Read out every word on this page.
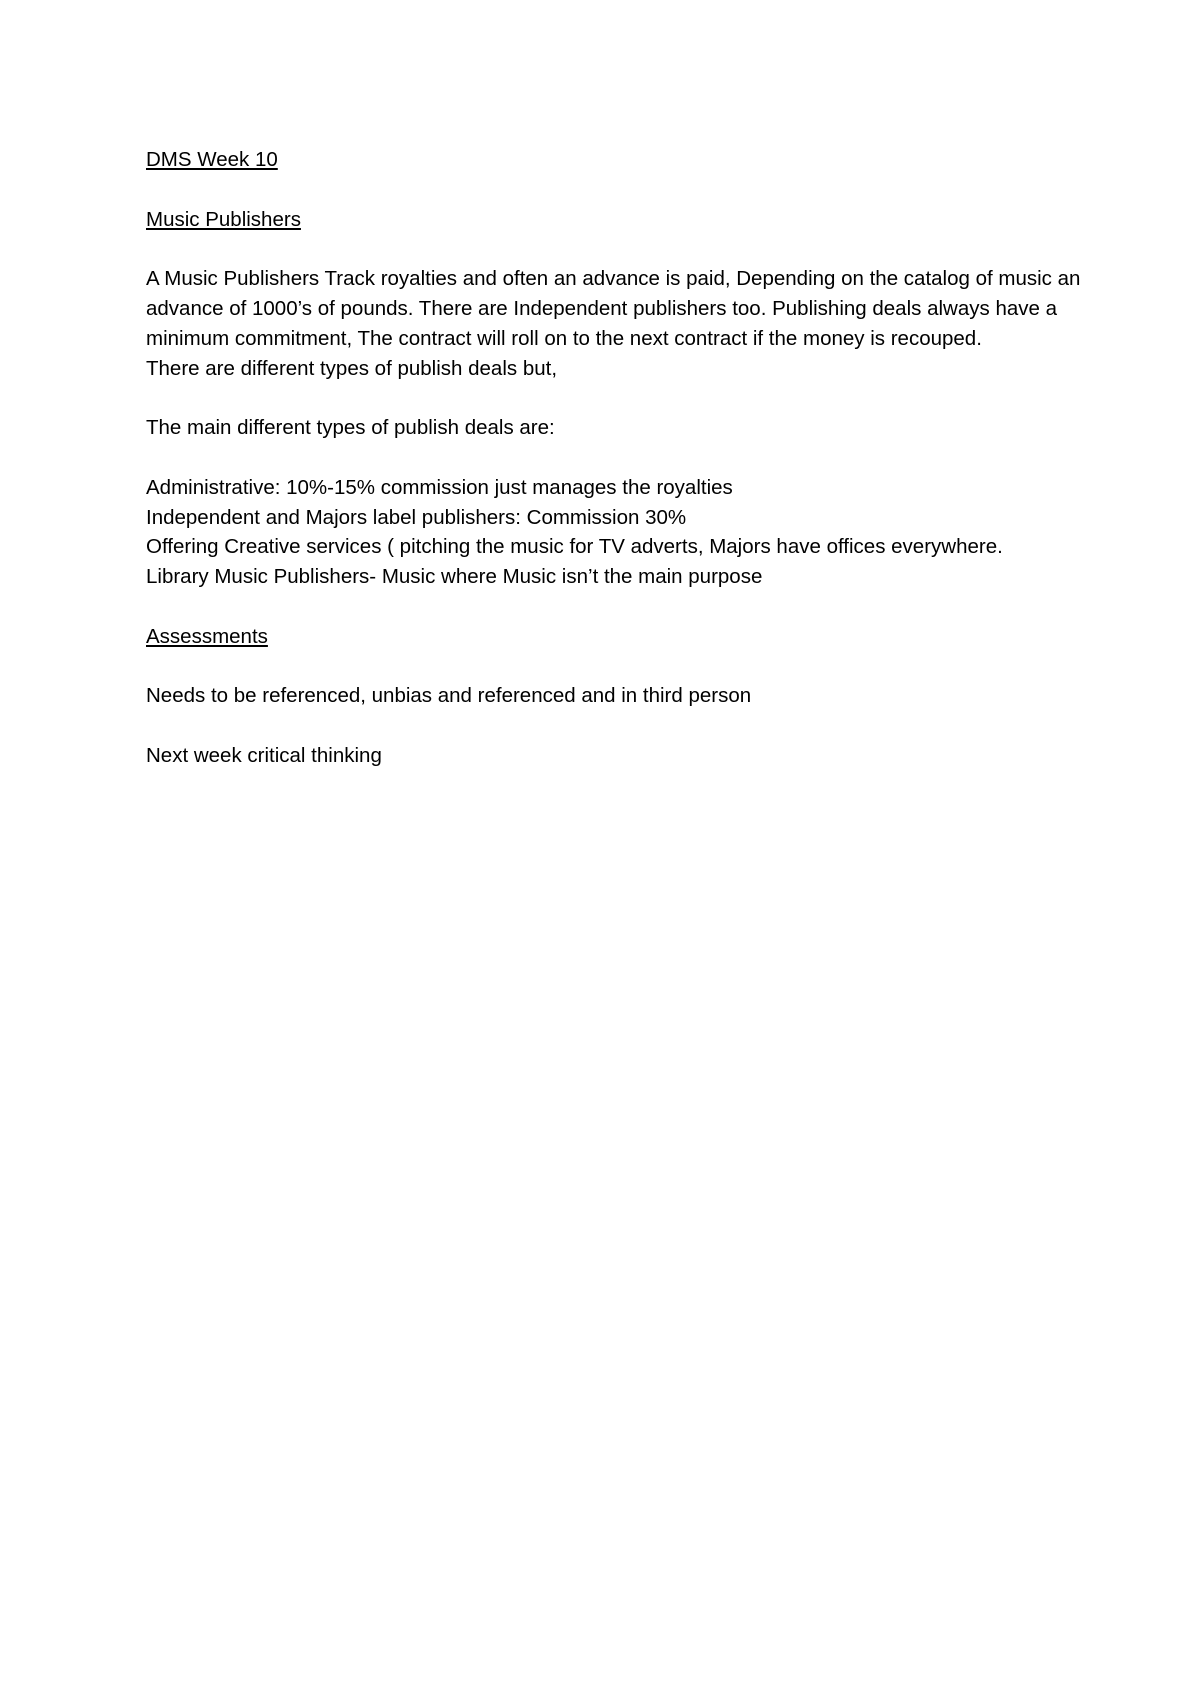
DMS Week 10

Music Publishers

A Music Publishers Track royalties and often an advance is paid, Depending on the catalog of music an advance of 1000’s of pounds. There are Independent publishers too. Publishing deals always have a minimum commitment, The contract will roll on to the next contract if the money is recouped.

There are different types of publish deals but,

The main different types of publish deals are:

Administrative: 10%-15% commission just manages the royalties

Independent and Majors label publishers: Commission 30%

Offering Creative services ( pitching the music for TV adverts, Majors have offices everywhere.

Library Music Publishers- Music where Music isn’t the main purpose

Assessments

Needs to be referenced, unbias and referenced and in third person

Next week critical thinking
